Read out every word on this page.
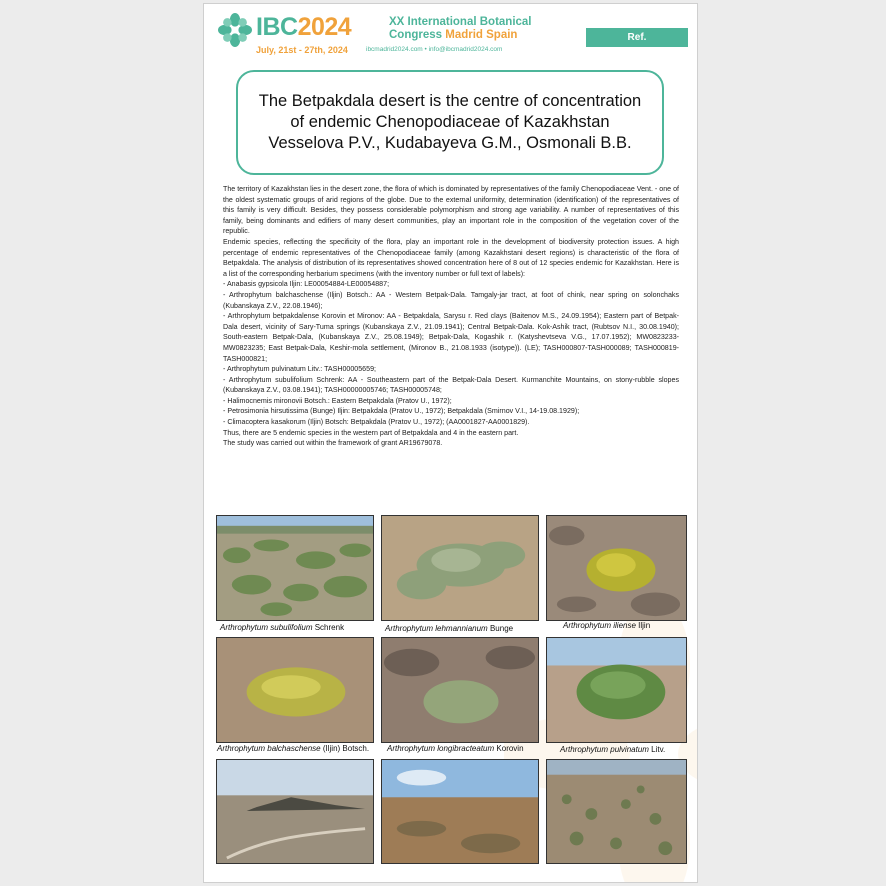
IBC2024	XX International Botanical
Congress Madrid Spain
July, 21st - 27th, 2024	ibcmadrid2024.com • info@ibcmadrid2024.com
Ref.
The Betpakdala desert is the centre of concentration
of endemic Chenopodiaceae of Kazakhstan
Vesselova P.V., Kudabayeva G.M., Osmonali B.B.

The territory of Kazakhstan lies in the desert zone, the flora of which is dominated by representatives of the family Chenopodiaceae Vent. - one of the oldest systematic groups of arid regions of the globe. Due to the external uniformity, determination (identification) of the representatives of this family is very difficult. Besides, they possess considerable polymorphism and strong age variability. A number of representatives of this family, being dominants and edifiers of many desert communities, play an important role in the composition of the vegetation cover of the republic.

Endemic species, reflecting the specificity of the flora, play an important role in the development of biodiversity protection issues. A high percentage of endemic representatives of the Chenopodiaceae family (among Kazakhstani desert regions) is characteristic of the flora of Betpakdala. The analysis of distribution of its representatives showed concentration here of 8 out of 12 species endemic for Kazakhstan. Here is a list of the corresponding herbarium specimens (with the inventory number or full text of labels):

- Anabasis gypsicola Iljin: LE00054884-LE00054887;

- Arthrophytum balchaschense (Iljin) Botsch.: AA - Western Betpak-Dala. Tamgaly-jar tract, at foot of chink, near spring on solonchaks (Kubanskaya Z.V., 22.08.1946);

- Arthrophytum betpakdalense Korovin et Mironov: AA - Betpakdala, Sarysu r. Red clays (Baitenov M.S., 24.09.1954); Eastern part of Betpak-Dala desert, vicinity of Sary-Tuma springs (Kubanskaya Z.V., 21.09.1941); Central Betpak-Dala. Kok-Ashik tract, (Rubtsov N.I., 30.08.1940); South-eastern Betpak-Dala, (Kubanskaya Z.V., 25.08.1949); Betpak-Dala, Kogashik r. (Katyshevtseva V.G., 17.07.1952); MW0823233-MW0823235; East Betpak-Dala, Keshir-mola settlement, (Mironov B., 21.08.1933 (isotype)). (LE); TASH000807-TASH000089; TASH000819- TASH000821;

- Arthrophytum pulvinatum Litv.: TASH00005659;

- Arthrophytum subulifolium Schrenk: AA - Southeastern part of the Betpak-Dala Desert. Kurmanchite Mountains, on stony-rubble slopes (Kubanskaya Z.V., 03.08.1941); TASH00000005746; TASH00005748;

- Halimocnemis mironovii Botsch.: Eastern Betpakdala (Pratov U., 1972);

- Petrosimonia hirsutissima (Bunge) Iljin: Betpakdala (Pratov U., 1972); Betpakdala (Smirnov V.I., 14-19.08.1929);

- Climacoptera kasakorum (Iljin) Botsch: Betpakdala (Pratov U., 1972); (AA0001827-AA0001829).

Thus, there are 5 endemic species in the western part of Betpakdala and 4 in the eastern part.

The study was carried out within the framework of grant AR19679078.

Arthrophytum subulifolium Schrenk	Arthrophytum lehmannianum Bunge	Arthrophytum iliense Iljin
Arthrophytum balchaschense (Iljin) Botsch. Arthrophytum longibracteatum Korovin	Arthrophytum pulvinatum Litv.
